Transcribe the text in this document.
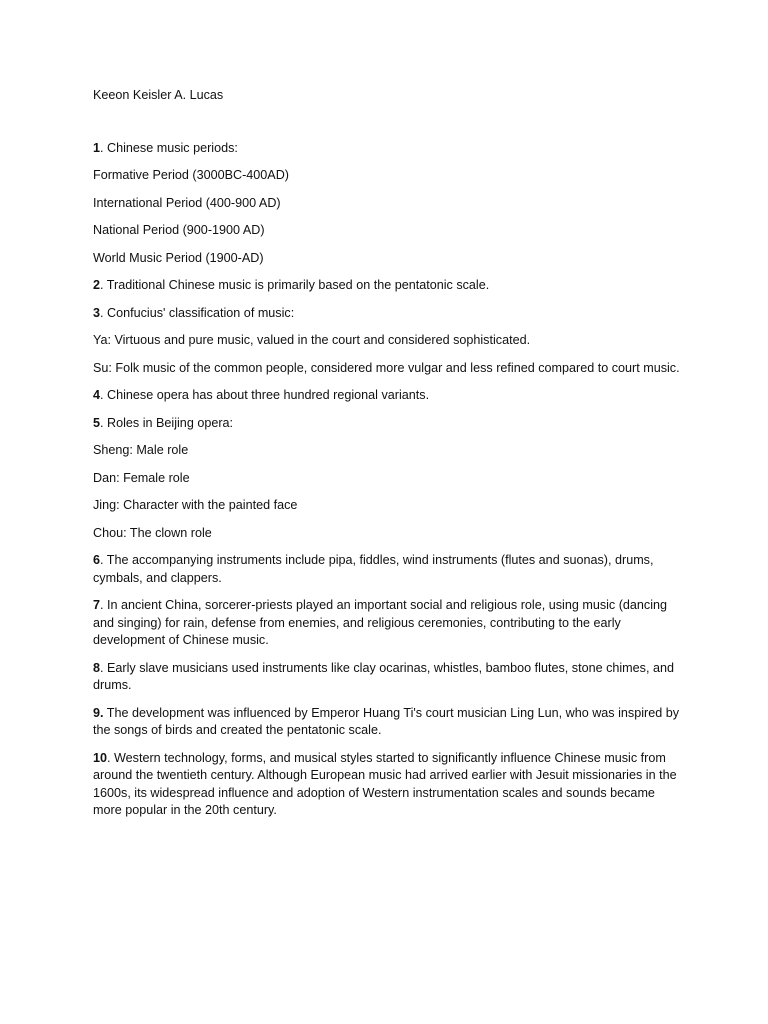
Keeon Keisler A. Lucas

1. Chinese music periods:

Formative Period (3000BC-400AD)

International Period (400-900 AD)

National Period (900-1900 AD)

World Music Period (1900-AD)

2. Traditional Chinese music is primarily based on the pentatonic scale.

3. Confucius' classification of music:

Ya: Virtuous and pure music, valued in the court and considered sophisticated.

Su: Folk music of the common people, considered more vulgar and less refined compared to court music.

4. Chinese opera has about three hundred regional variants.

5. Roles in Beijing opera:

Sheng: Male role

Dan: Female role

Jing: Character with the painted face

Chou: The clown role

6. The accompanying instruments include pipa, fiddles, wind instruments (flutes and suonas), drums, cymbals, and clappers.

7. In ancient China, sorcerer-priests played an important social and religious role, using music (dancing and singing) for rain, defense from enemies, and religious ceremonies, contributing to the early development of Chinese music.

8. Early slave musicians used instruments like clay ocarinas, whistles, bamboo flutes, stone chimes, and drums.

9. The development was influenced by Emperor Huang Ti's court musician Ling Lun, who was inspired by the songs of birds and created the pentatonic scale.

10. Western technology, forms, and musical styles started to significantly influence Chinese music from around the twentieth century. Although European music had arrived earlier with Jesuit missionaries in the 1600s, its widespread influence and adoption of Western instrumentation scales and sounds became more popular in the 20th century.
